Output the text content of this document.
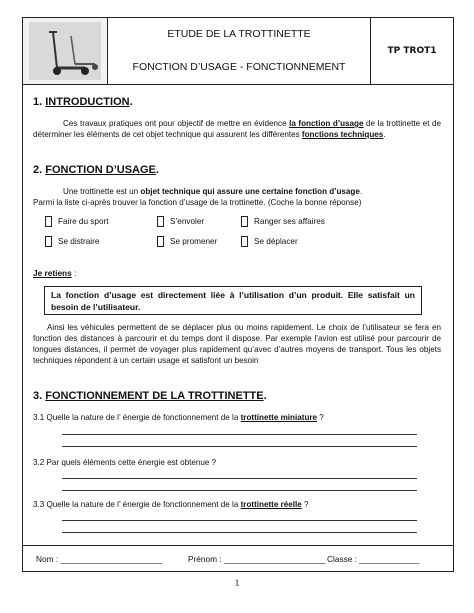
ETUDE DE LA TROTTINETTE
FONCTION D’USAGE - FONCTIONNEMENT
TP TROT1
1. INTRODUCTION.
Ces travaux pratiques ont pour objectif de mettre en évidence la fonction d’usage de la trottinette et de déterminer les éléments de cet objet technique qui assurent les différentes fonctions techniques.
2. FONCTION D’USAGE.
Une trottinette est un objet technique qui assure une certaine fonction d’usage.
Parmi la liste ci-après trouver la fonction d’usage de la trottinette. (Coche la bonne réponse)
Faire du sport	S’envoler	Ranger ses affaires
Se distraire	Se promener	Se déplacer
Je retiens :
La fonction d’usage est directement liée à l’utilisation d’un produit. Elle satisfait un besoin de l’utilisateur.
Ainsi les véhicules permettent de se déplacer plus ou moins rapidement. Le choix de l’utilisateur se fera en fonction des distances à parcourir et du temps dont il dispose. Par exemple l’avion est utilisé pour parcourir de longues distances, il permet de voyager plus rapidement qu’avec d’autres moyens de transport. Tous les objets techniques répondent à un certain usage et satisfont un besoin
3. FONCTIONNEMENT DE LA TROTTINETTE.
3.1 Quelle la nature de l’ énergie de fonctionnement de la trottinette miniature ?
3.2 Par quels éléments cette énergie est obtenue ?
3.3 Quelle la nature de l’ énergie de fonctionnement de la trottinette réelle ?
Nom : ______________________	Prénom : ______________________ Classe : _____________
1
